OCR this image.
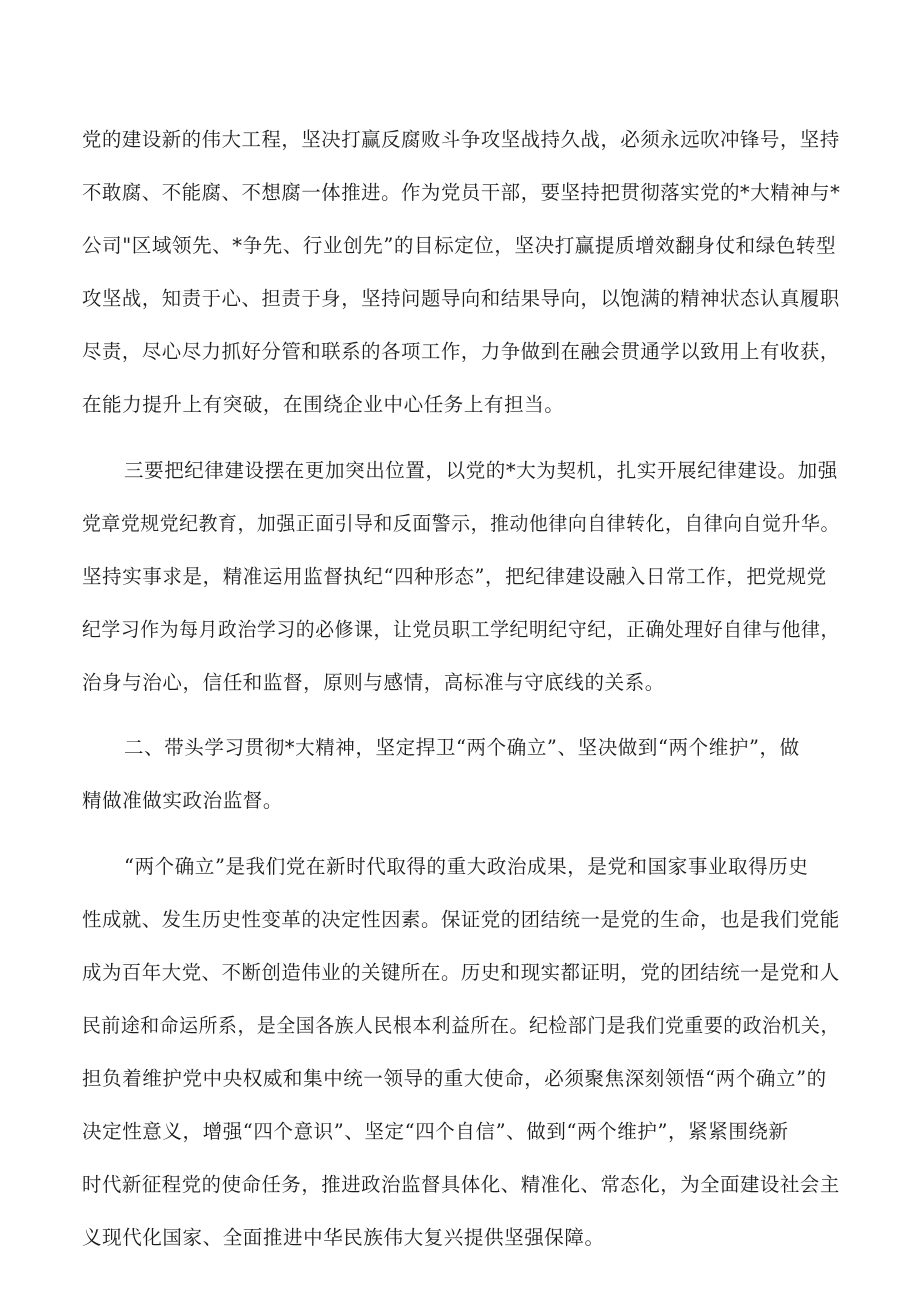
党的建设新的伟大工程，坚决打赢反腐败斗争攻坚战持久战，必须永远吹冲锋号，坚持
不敢腐、不能腐、不想腐一体推进。作为党员干部，要坚持把贯彻落实党的*大精神与*
公司"区域领先、*争先、行业创先”的目标定位，坚决打赢提质增效翻身仗和绿色转型
攻坚战，知责于心、担责于身，坚持问题导向和结果导向，以饱满的精神状态认真履职
尽责，尽心尽力抓好分管和联系的各项工作，力争做到在融会贯通学以致用上有收获，
在能力提升上有突破，在围绕企业中心任务上有担当。
三要把纪律建设摆在更加突出位置，以党的*大为契机，扎实开展纪律建设。加强
党章党规党纪教育，加强正面引导和反面警示，推动他律向自律转化，自律向自觉升华。
坚持实事求是，精准运用监督执纪“四种形态”，把纪律建设融入日常工作，把党规党
纪学习作为每月政治学习的必修课，让党员职工学纪明纪守纪，正确处理好自律与他律，
治身与治心，信任和监督，原则与感情，高标准与守底线的关系。
二、带头学习贯彻*大精神，坚定捍卫“两个确立”、坚决做到“两个维护”，做
精做准做实政治监督。
“两个确立”是我们党在新时代取得的重大政治成果，是党和国家事业取得历史
性成就、发生历史性变革的决定性因素。保证党的团结统一是党的生命，也是我们党能
成为百年大党、不断创造伟业的关键所在。历史和现实都证明，党的团结统一是党和人
民前途和命运所系，是全国各族人民根本利益所在。纪检部门是我们党重要的政治机关，
担负着维护党中央权威和集中统一领导的重大使命，必须聚焦深刻领悟“两个确立”的
决定性意义，增强“四个意识”、坚定“四个自信”、做到“两个维护”，紧紧围绕新
时代新征程党的使命任务，推进政治监督具体化、精准化、常态化，为全面建设社会主
义现代化国家、全面推进中华民族伟大复兴提供坚强保障。
